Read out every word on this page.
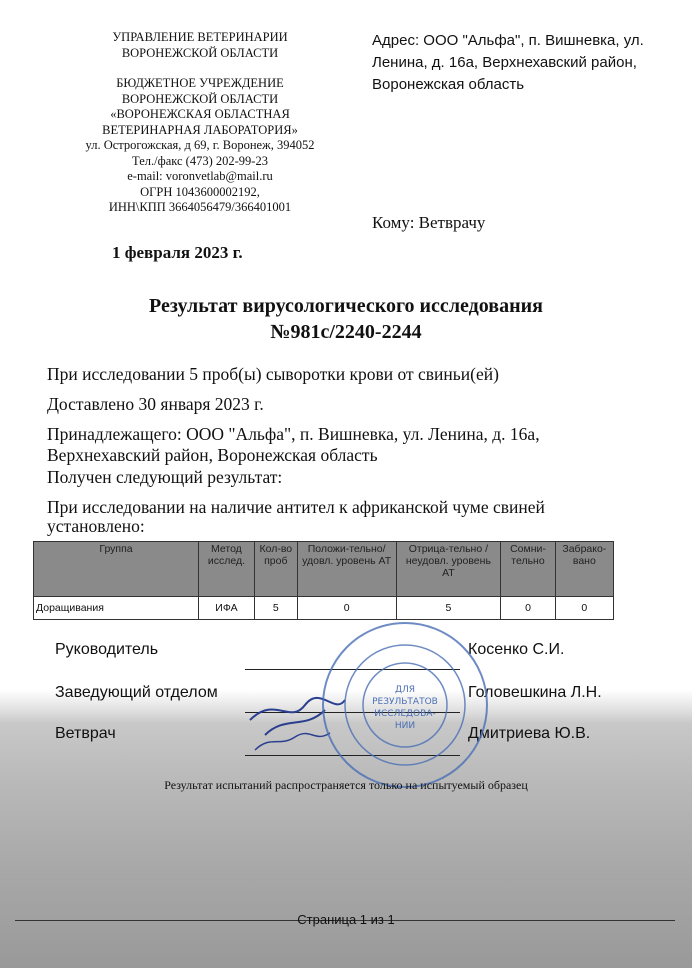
УПРАВЛЕНИЕ ВЕТЕРИНАРИИ
ВОРОНЕЖСКОЙ ОБЛАСТИ
БЮДЖЕТНОЕ УЧРЕЖДЕНИЕ
ВОРОНЕЖСКОЙ ОБЛАСТИ
«ВОРОНЕЖСКАЯ ОБЛАСТНАЯ
ВЕТЕРИНАРНАЯ ЛАБОРАТОРИЯ»
ул. Острогожская, д 69, г. Воронеж, 394052
Тел./факс (473) 202-99-23
e-mail: voronvetlab@mail.ru
ОГРН 1043600002192,
ИНН\КПП 3664056479/366401001
Адрес: ООО "Альфа", п. Вишневка, ул. Ленина, д. 16а, Верхнехавский район, Воронежская область
Кому: Ветврачу
1 февраля 2023 г.
Результат вирусологического исследования
№981с/2240-2244
При исследовании 5 проб(ы) сыворотки крови от свиньи(ей)
Доставлено 30 января 2023 г.
Принадлежащего: ООО "Альфа", п. Вишневка, ул. Ленина, д. 16а, Верхнехавский район, Воронежская область
Получен следующий результат:
При исследовании на наличие антител к африканской чуме свиней установлено:
Группа	Метод исслед.	Кол-во проб	Положи-тельно/ удовл. уровень АТ	Отрица-тельно / неудовл. уровень АТ	Сомни-тельно	Забрако-вано
Доращивания	ИФА	5	0	5	0	0
Руководитель	Косенко С.И.
Заведующий отделом	Головешкина Л.Н.
Ветврач	Дмитриева Ю.В.
ДЛЯ
РЕЗУЛЬТАТОВ
ИССЛЕДОВА-
НИИ
Результат испытаний распространяется только на испытуемый образец
Страница 1 из 1
